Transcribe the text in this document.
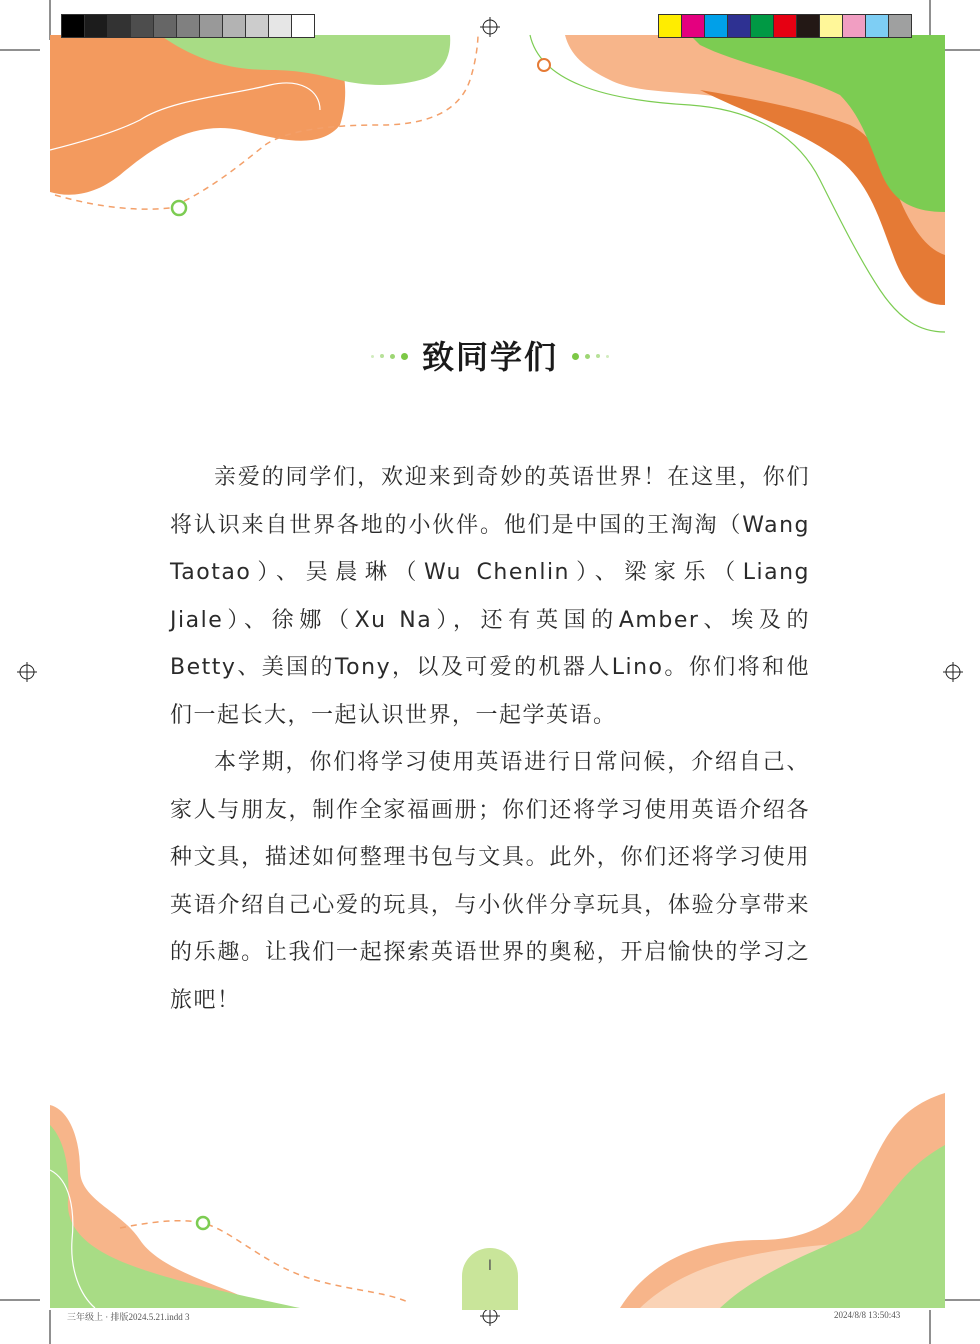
致同学们

亲爱的同学们，欢迎来到奇妙的英语世界！在这里，你们将认识来自世界各地的小伙伴。他们是中国的王淘淘（Wang Taotao）、吴晨琳（Wu Chenlin）、梁家乐（Liang Jiale）、徐娜（Xu Na），还有英国的Amber、埃及的Betty、美国的Tony，以及可爱的机器人Lino。你们将和他们一起长大，一起认识世界，一起学英语。

本学期，你们将学习使用英语进行日常问候，介绍自己、家人与朋友，制作全家福画册；你们还将学习使用英语介绍各种文具，描述如何整理书包与文具。此外，你们还将学习使用英语介绍自己心爱的玩具，与小伙伴分享玩具，体验分享带来的乐趣。让我们一起探索英语世界的奥秘，开启愉快的学习之旅吧！

I
三年级上 · 排版2024.5.21.indd 3	2024/8/8 13:50:43
